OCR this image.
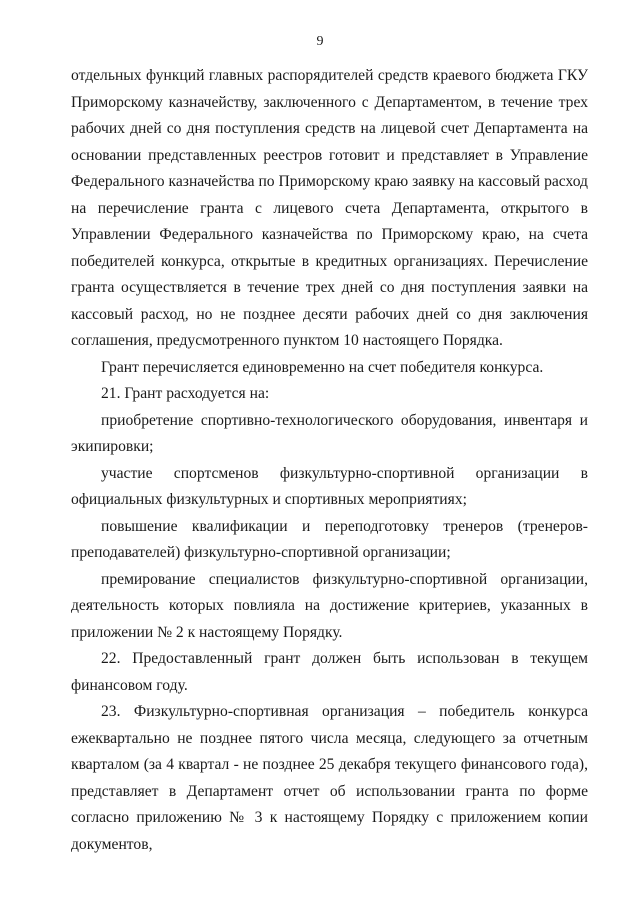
9

отдельных функций главных распорядителей средств краевого бюджета ГКУ Приморскому казначейству, заключенного с Департаментом, в течение трех рабочих дней со дня поступления средств на лицевой счет Департамента на основании представленных реестров готовит и представляет в Управление Федерального казначейства по Приморскому краю заявку на кассовый расход на перечисление гранта с лицевого счета Департамента, открытого в Управлении Федерального казначейства по Приморскому краю, на счета победителей конкурса, открытые в кредитных организациях. Перечисление гранта осуществляется в течение трех дней со дня поступления заявки на кассовый расход, но не позднее десяти рабочих дней со дня заключения соглашения, предусмотренного пунктом 10 настоящего Порядка.

Грант перечисляется единовременно на счет победителя конкурса.

21. Грант расходуется на:

приобретение спортивно-технологического оборудования, инвентаря и экипировки;

участие спортсменов физкультурно-спортивной организации в официальных физкультурных и спортивных мероприятиях;

повышение квалификации и переподготовку тренеров (тренеров-преподавателей) физкультурно-спортивной организации;

премирование специалистов физкультурно-спортивной организации, деятельность которых повлияла на достижение критериев, указанных в приложении № 2 к настоящему Порядку.

22. Предоставленный грант должен быть использован в текущем финансовом году.

23. Физкультурно-спортивная организация – победитель конкурса ежеквартально не позднее пятого числа месяца, следующего за отчетным кварталом (за 4 квартал - не позднее 25 декабря текущего финансового года), представляет в Департамент отчет об использовании гранта по форме согласно приложению № 3 к настоящему Порядку с приложением копии документов,
